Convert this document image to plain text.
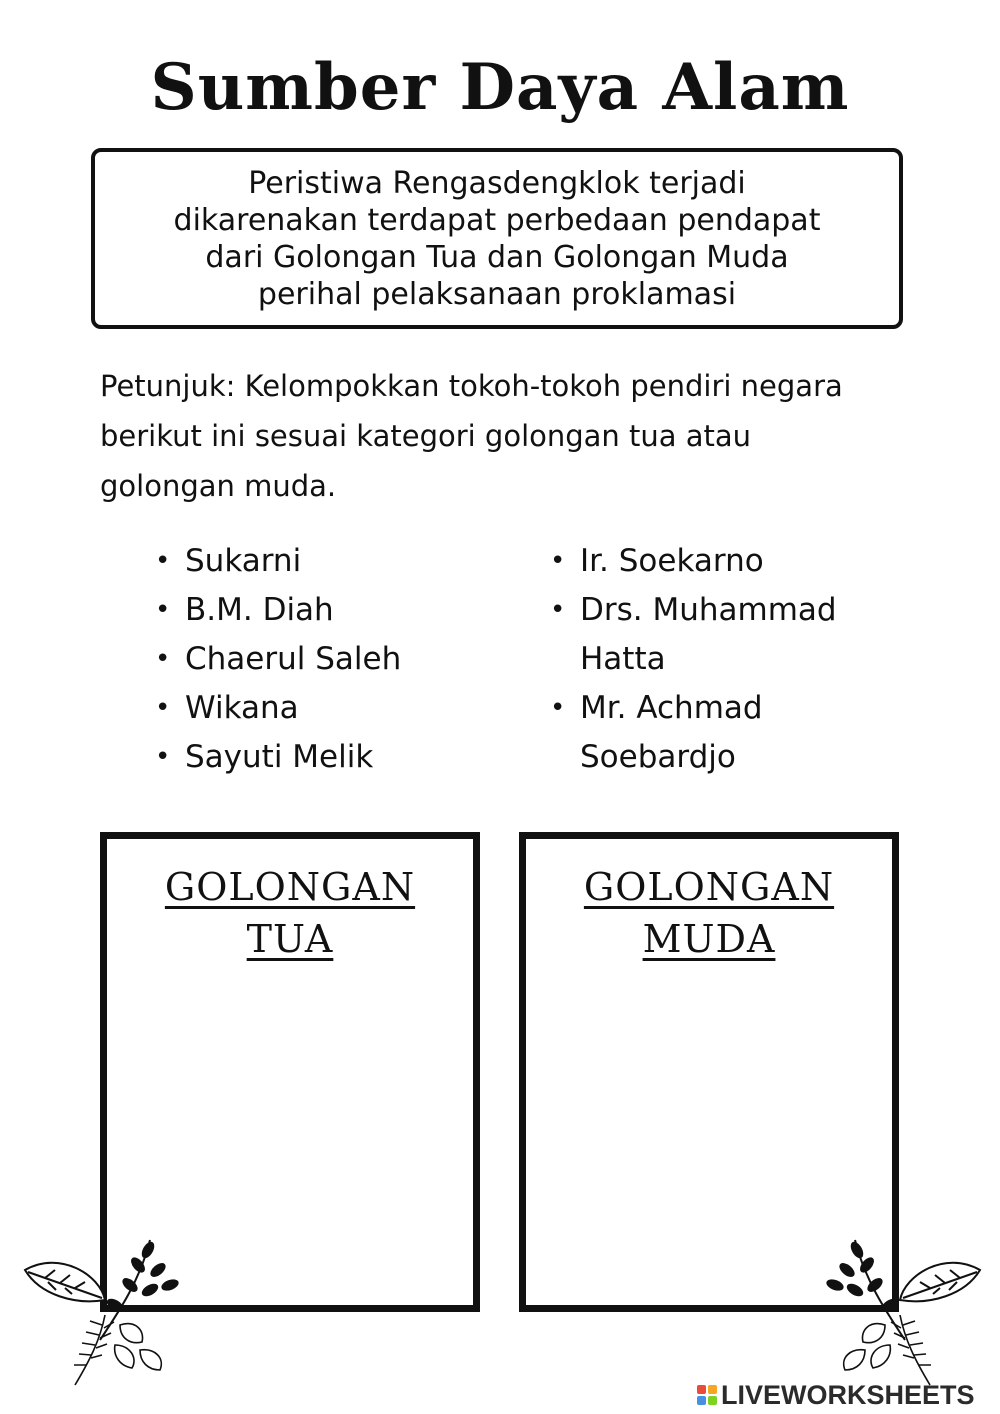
Sumber Daya Alam
Peristiwa Rengasdengklok terjadi
dikarenakan terdapat perbedaan pendapat
dari Golongan Tua dan Golongan Muda
perihal pelaksanaan proklamasi
Petunjuk: Kelompokkan tokoh-tokoh pendiri negara
berikut ini sesuai kategori golongan tua atau
golongan muda.
• Sukarni
• B.M. Diah
• Chaerul Saleh
• Wikana
• Sayuti Melik
• Ir. Soekarno
• Drs. Muhammad Hatta
• Mr. Achmad Soebardjo
GOLONGAN
TUA
GOLONGAN
MUDA
LIVEWORKSHEETS
